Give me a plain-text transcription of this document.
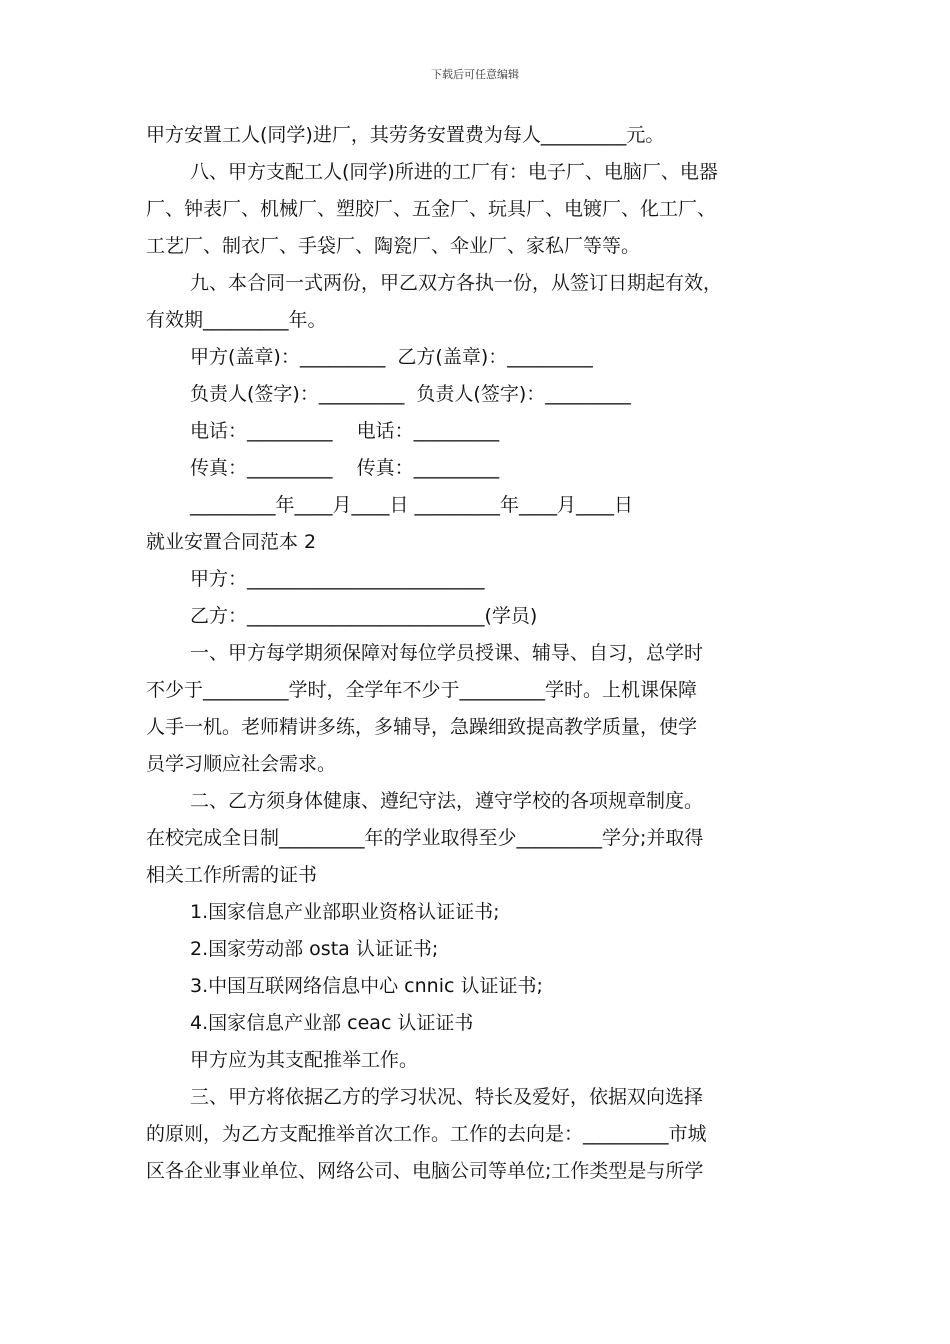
下载后可任意编辑
甲方安置工人(同学)进厂，其劳务安置费为每人_________元。
八、甲方支配工人(同学)所进的工厂有：电子厂、电脑厂、电器
厂、钟表厂、机械厂、塑胶厂、五金厂、玩具厂、电镀厂、化工厂、
工艺厂、制衣厂、手袋厂、陶瓷厂、伞业厂、家私厂等等。
九、本合同一式两份，甲乙双方各执一份，从签订日期起有效，
有效期_________年。
甲方(盖章)：_________  乙方(盖章)：_________
负责人(签字)：_________  负责人(签字)：_________
电话：_________    电话：_________
传真：_________    传真：_________
_________年____月____日 _________年____月____日
就业安置合同范本 2
甲方：_________________________
乙方：_________________________(学员)
一、甲方每学期须保障对每位学员授课、辅导、自习，总学时
不少于_________学时，全学年不少于_________学时。上机课保障
人手一机。老师精讲多练，多辅导，急躁细致提高教学质量，使学
员学习顺应社会需求。
二、乙方须身体健康、遵纪守法，遵守学校的各项规章制度。
在校完成全日制_________年的学业取得至少_________学分;并取得
相关工作所需的证书
1.国家信息产业部职业资格认证证书;
2.国家劳动部 osta 认证证书;
3.中国互联网络信息中心 cnnic 认证证书;
4.国家信息产业部 ceac 认证证书
甲方应为其支配推举工作。
三、甲方将依据乙方的学习状况、特长及爱好，依据双向选择
的原则，为乙方支配推举首次工作。工作的去向是：_________市城
区各企业事业单位、网络公司、电脑公司等单位;工作类型是与所学
